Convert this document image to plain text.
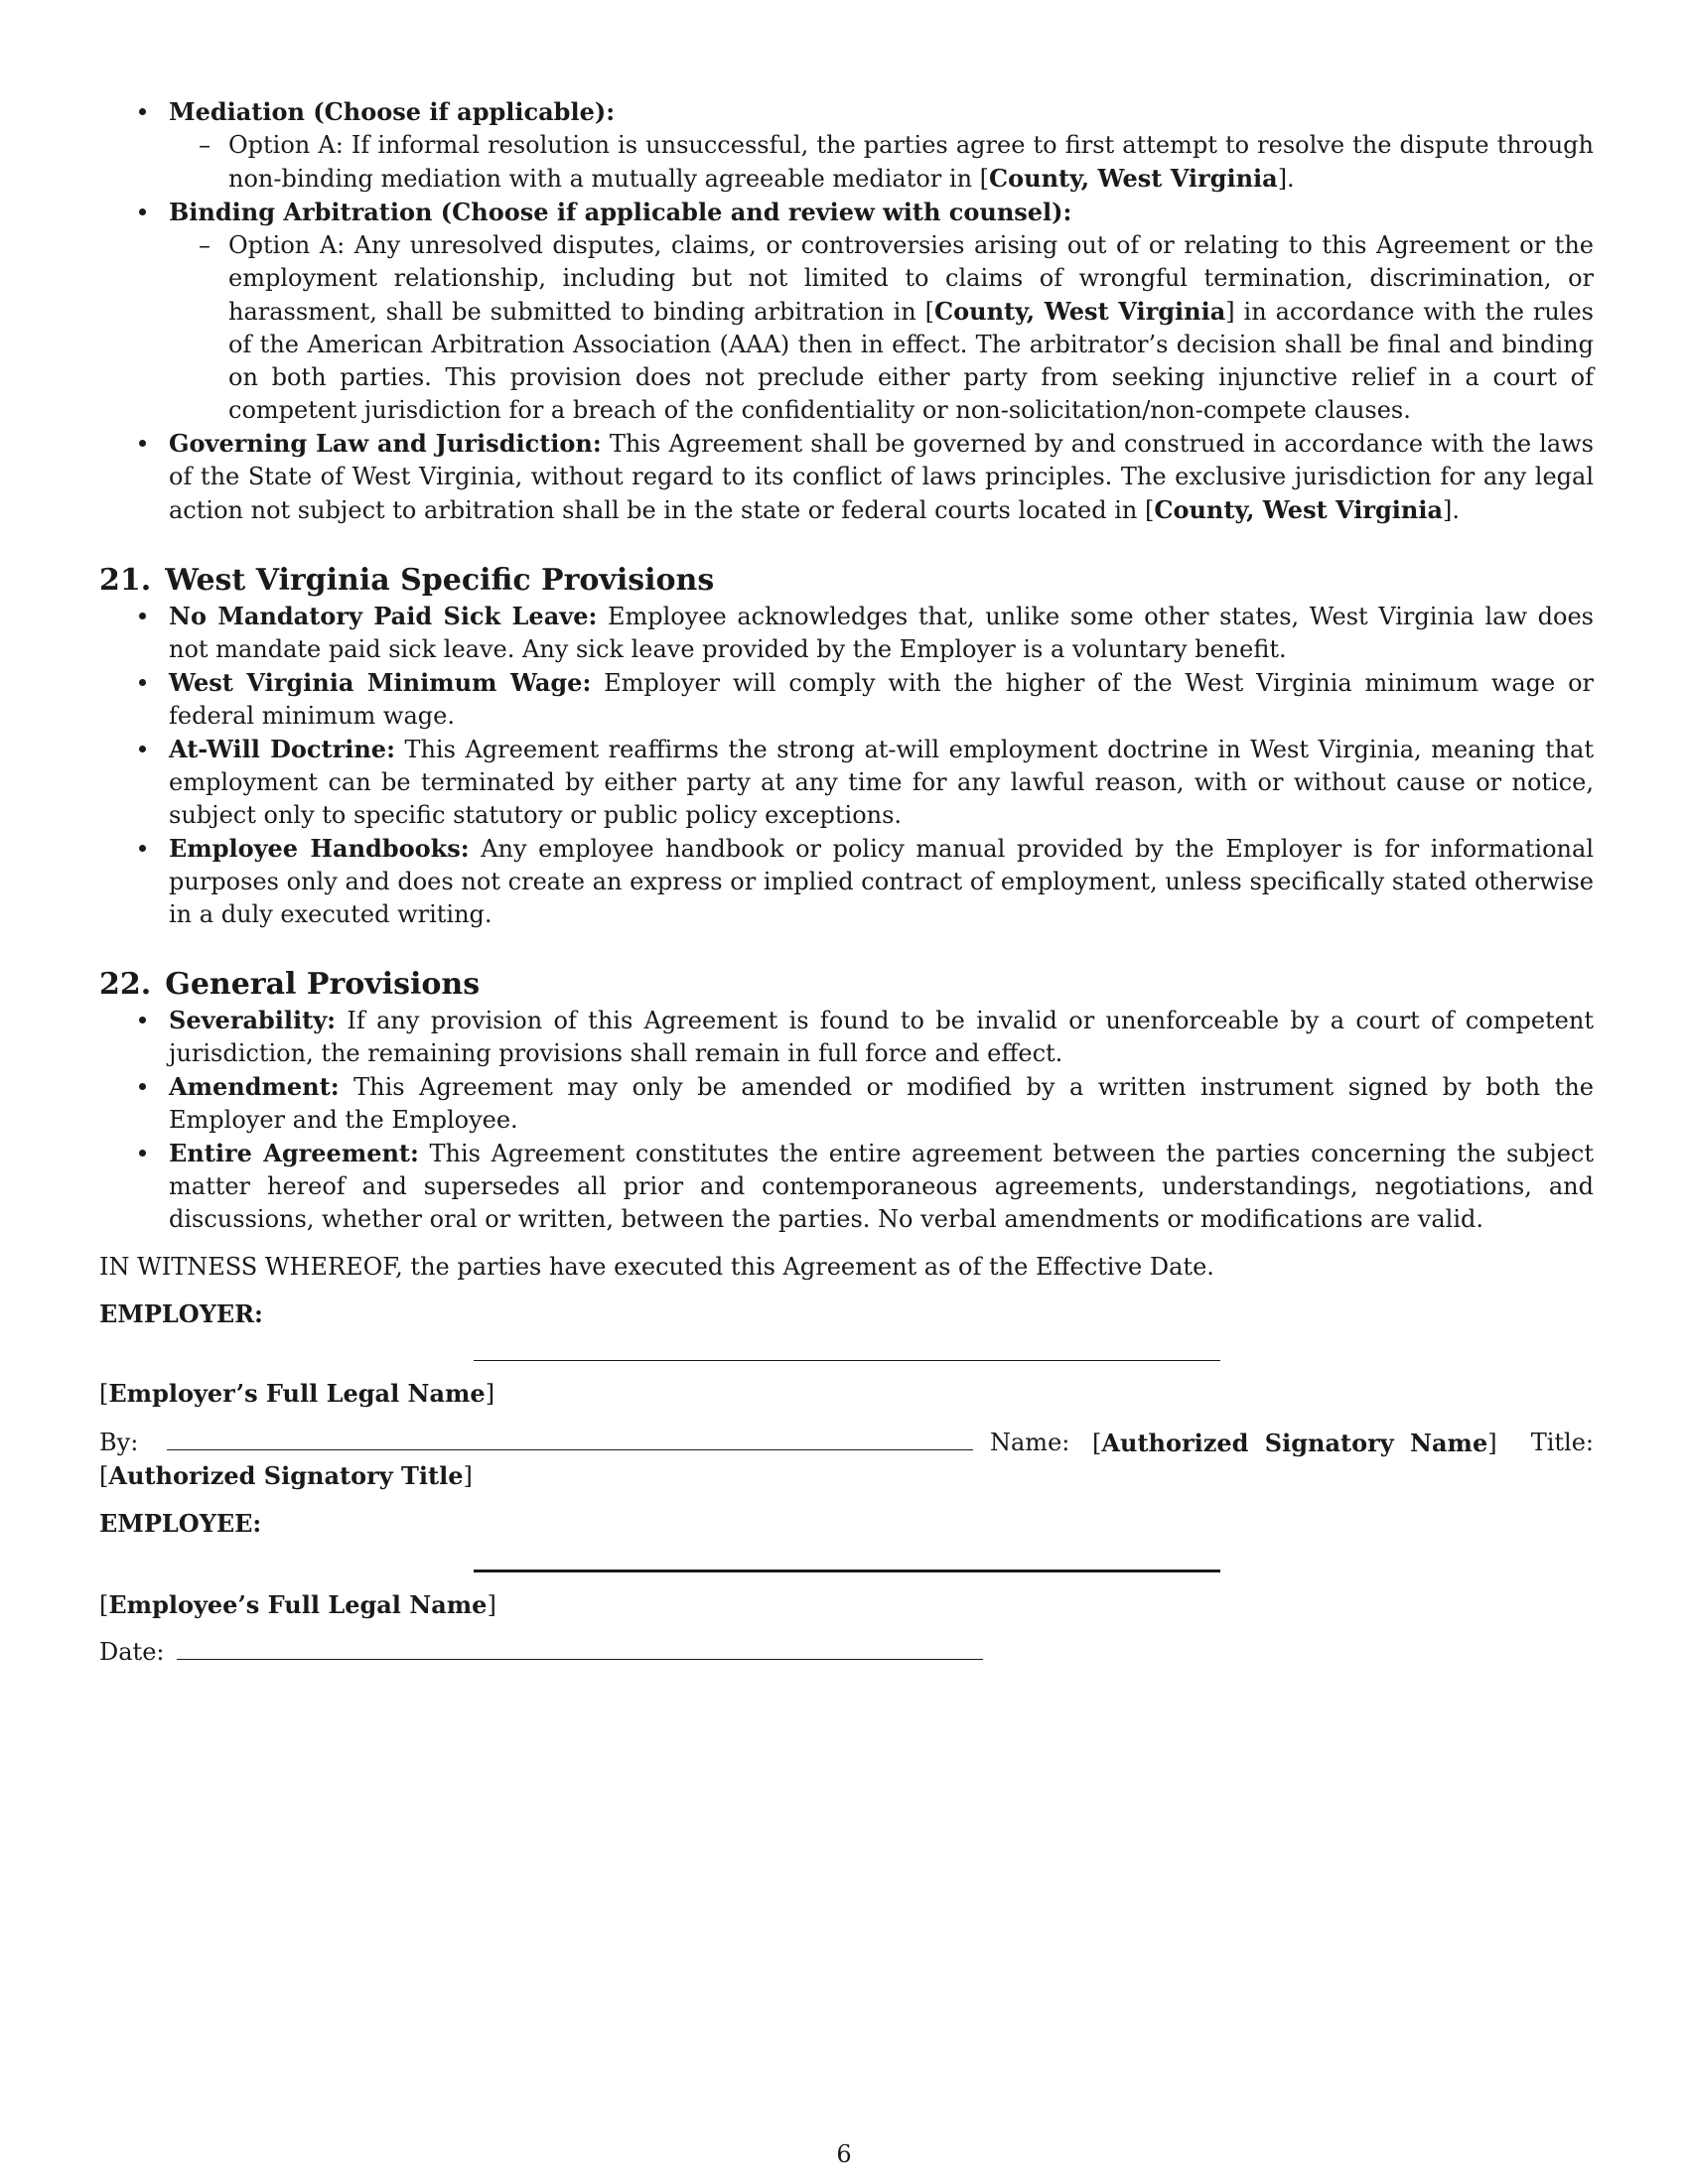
Mediation (Choose if applicable):
– Option A: If informal resolution is unsuccessful, the parties agree to first attempt to resolve the dispute through non-binding mediation with a mutually agreeable mediator in [County, West Virginia].
Binding Arbitration (Choose if applicable and review with counsel):
– Option A: Any unresolved disputes, claims, or controversies arising out of or relating to this Agreement or the employment relationship, including but not limited to claims of wrongful termination, discrimination, or harassment, shall be submitted to binding arbitration in [County, West Virginia] in accordance with the rules of the American Arbitration Association (AAA) then in effect. The arbitrator’s decision shall be final and binding on both parties. This provision does not preclude either party from seeking injunctive relief in a court of competent jurisdiction for a breach of the confidentiality or non-solicitation/non-compete clauses.
Governing Law and Jurisdiction: This Agreement shall be governed by and construed in accordance with the laws of the State of West Virginia, without regard to its conflict of laws principles. The exclusive jurisdiction for any legal action not subject to arbitration shall be in the state or federal courts located in [County, West Virginia].
21. West Virginia Specific Provisions
No Mandatory Paid Sick Leave: Employee acknowledges that, unlike some other states, West Virginia law does not mandate paid sick leave. Any sick leave provided by the Employer is a voluntary benefit.
West Virginia Minimum Wage: Employer will comply with the higher of the West Virginia minimum wage or federal minimum wage.
At-Will Doctrine: This Agreement reaffirms the strong at-will employment doctrine in West Virginia, meaning that employment can be terminated by either party at any time for any lawful reason, with or without cause or notice, subject only to specific statutory or public policy exceptions.
Employee Handbooks: Any employee handbook or policy manual provided by the Employer is for informational purposes only and does not create an express or implied contract of employment, unless specifically stated otherwise in a duly executed writing.
22. General Provisions
Severability: If any provision of this Agreement is found to be invalid or unenforceable by a court of competent jurisdiction, the remaining provisions shall remain in full force and effect.
Amendment: This Agreement may only be amended or modified by a written instrument signed by both the Employer and the Employee.
Entire Agreement: This Agreement constitutes the entire agreement between the parties concerning the subject matter hereof and supersedes all prior and contemporaneous agreements, understandings, negotiations, and discussions, whether oral or written, between the parties. No verbal amendments or modifications are valid.
IN WITNESS WHEREOF, the parties have executed this Agreement as of the Effective Date.
EMPLOYER:
[Employer’s Full Legal Name]
By:	Name: [Authorized Signatory Name] Title:
[Authorized Signatory Title]
EMPLOYEE:
[Employee’s Full Legal Name]
Date:
6
